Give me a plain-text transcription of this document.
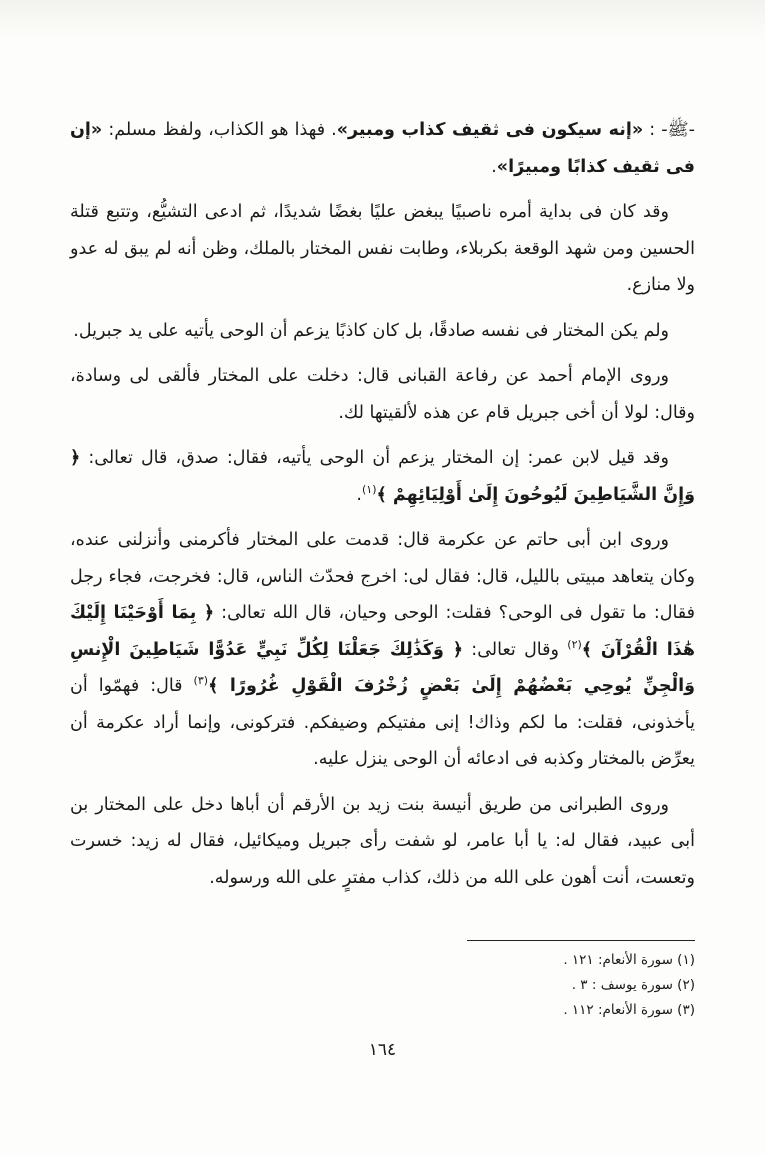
-ﷺ- : «إنه سيكون فى ثقيف كذاب ومبير». فهذا هو الكذاب، ولفظ مسلم: «إن فى ثقيف كذابًا ومبيرًا».

وقد كان فى بداية أمره ناصبيًا يبغض عليًا بغضًا شديدًا، ثم ادعى التشيُّع، وتتبع قتلة الحسين ومن شهد الوقعة بكربلاء، وطابت نفس المختار بالملك، وظن أنه لم يبق له عدو ولا منازع.

ولم يكن المختار فى نفسه صادقًا، بل كان كاذبًا يزعم أن الوحى يأتيه على يد جبريل.

وروى الإمام أحمد عن رفاعة القبانى قال: دخلت على المختار فألقى لى وسادة، وقال: لولا أن أخى جبريل قام عن هذه لألقيتها لك.

وقد قيل لابن عمر: إن المختار يزعم أن الوحى يأتيه، فقال: صدق، قال تعالى: ﴿ وَإِنَّ الشَّيَاطِينَ لَيُوحُونَ إِلَىٰ أَوْلِيَائِهِمْ ﴾$^{(١)}$.

وروى ابن أبى حاتم عن عكرمة قال: قدمت على المختار فأكرمنى وأنزلنى عنده، وكان يتعاهد مبيتى بالليل، قال: فقال لى: اخرج فحدّث الناس، قال: فخرجت، فجاء رجل فقال: ما تقول فى الوحى؟ فقلت: الوحى وحيان، قال الله تعالى: ﴿ بِمَا أَوْحَيْنَا إِلَيْكَ هَٰذَا الْقُرْآنَ ﴾$^{(٢)}$ وقال تعالى: ﴿ وَكَذَٰلِكَ جَعَلْنَا لِكُلِّ نَبِيٍّ عَدُوًّا شَيَاطِينَ الْإِنسِ وَالْجِنِّ يُوحِي بَعْضُهُمْ إِلَىٰ بَعْضٍ زُخْرُفَ الْقَوْلِ غُرُورًا ﴾$^{(٣)}$ قال: فهمّوا أن يأخذونى، فقلت: ما لكم وذاك! إنى مفتيكم وضيفكم. فتركونى، وإنما أراد عكرمة أن يعرِّض بالمختار وكذبه فى ادعائه أن الوحى ينزل عليه.

وروى الطبرانى من طريق أنيسة بنت زيد بن الأرقم أن أباها دخل على المختار بن أبى عبيد، فقال له: يا أبا عامر، لو شفت رأى جبريل وميكائيل، فقال له زيد: خسرت وتعست، أنت أهون على الله من ذلك، كذاب مفترٍ على الله ورسوله.

(١) سورة الأنعام: ١٢١ .

(٢) سورة يوسف : ٣ .

(٣) سورة الأنعام: ١١٢ .

١٦٤
